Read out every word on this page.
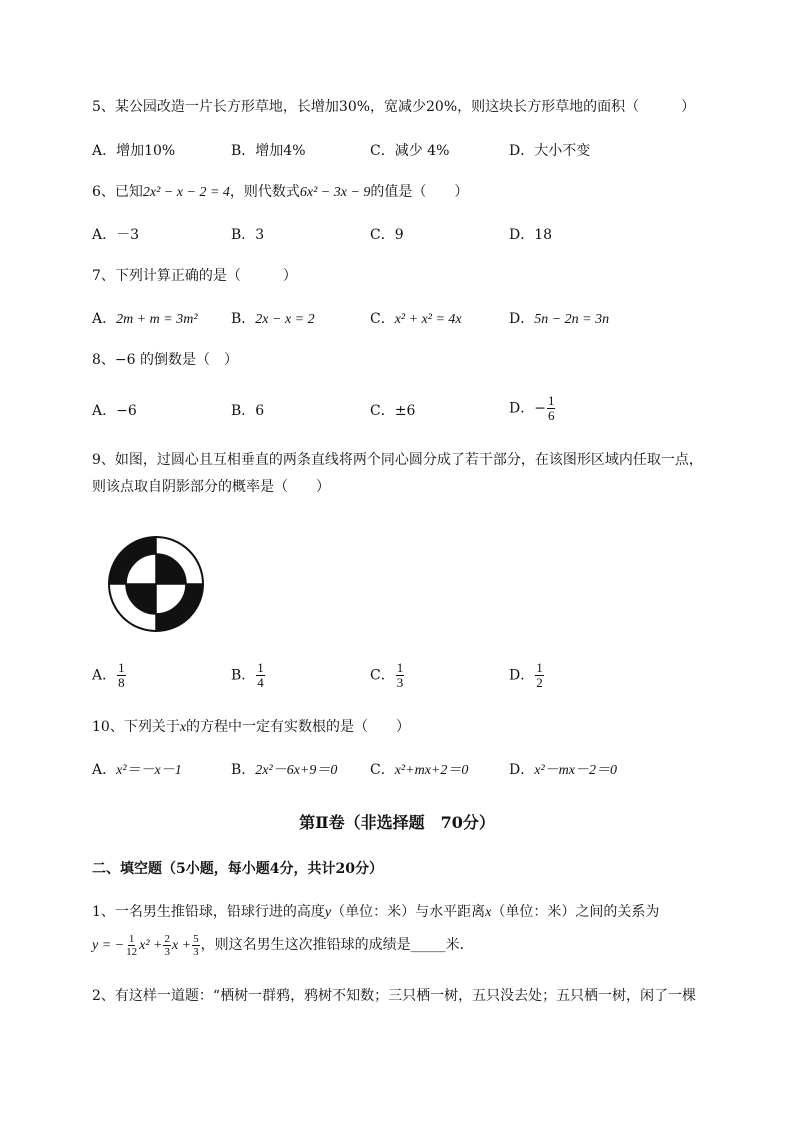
5、某公园改造一片长方形草地，长增加30%，宽减少20%，则这块长方形草地的面积（　　　）
A．增加10%	B．增加4%	C．减少 4%	D．大小不变
6、已知2x² − x − 2 = 4，则代数式6x² − 3x − 9的值是（　　）
A．－3	B．3	C．9	D．18
7、下列计算正确的是（　　　）
A．2m + m = 3m² B．2x − x = 2	C．x² + x² = 4x	D．5n − 2n = 3n
8、−6 的倒数是（　）
A．−6	B．6	C．±6	D．− $\frac{1}{6}$
9、如图，过圆心且互相垂直的两条直线将两个同心圆分成了若干部分，在该图形区域内任取一点，
则该点取自阴影部分的概率是（　　）
A． $\frac{1}{8}$	B． $\frac{1}{4}$	C． $\frac{1}{3}$	D． $\frac{1}{2}$
10、下列关于x的方程中一定有实数根的是（　　）
A．x²＝－x－1	B．2x²－6x+9＝0 C．x²+mx+2＝0	D．x²－mx－2＝0
第Ⅱ卷（非选择题　70分）
二、填空题（5小题，每小题4分，共计20分）
1、一名男生推铅球，铅球行进的高度y（单位：米）与水平距离x（单位：米）之间的关系为
y = − $\frac{1}{12} x^2 + \frac{2}{3}$ $x + \frac{5}{3}$ ，则这名男生这次推铅球的成绩是_____米．
2、有这样一道题：“栖树一群鸦，鸦树不知数；三只栖一树，五只没去处；五只栖一树，闲了一棵
